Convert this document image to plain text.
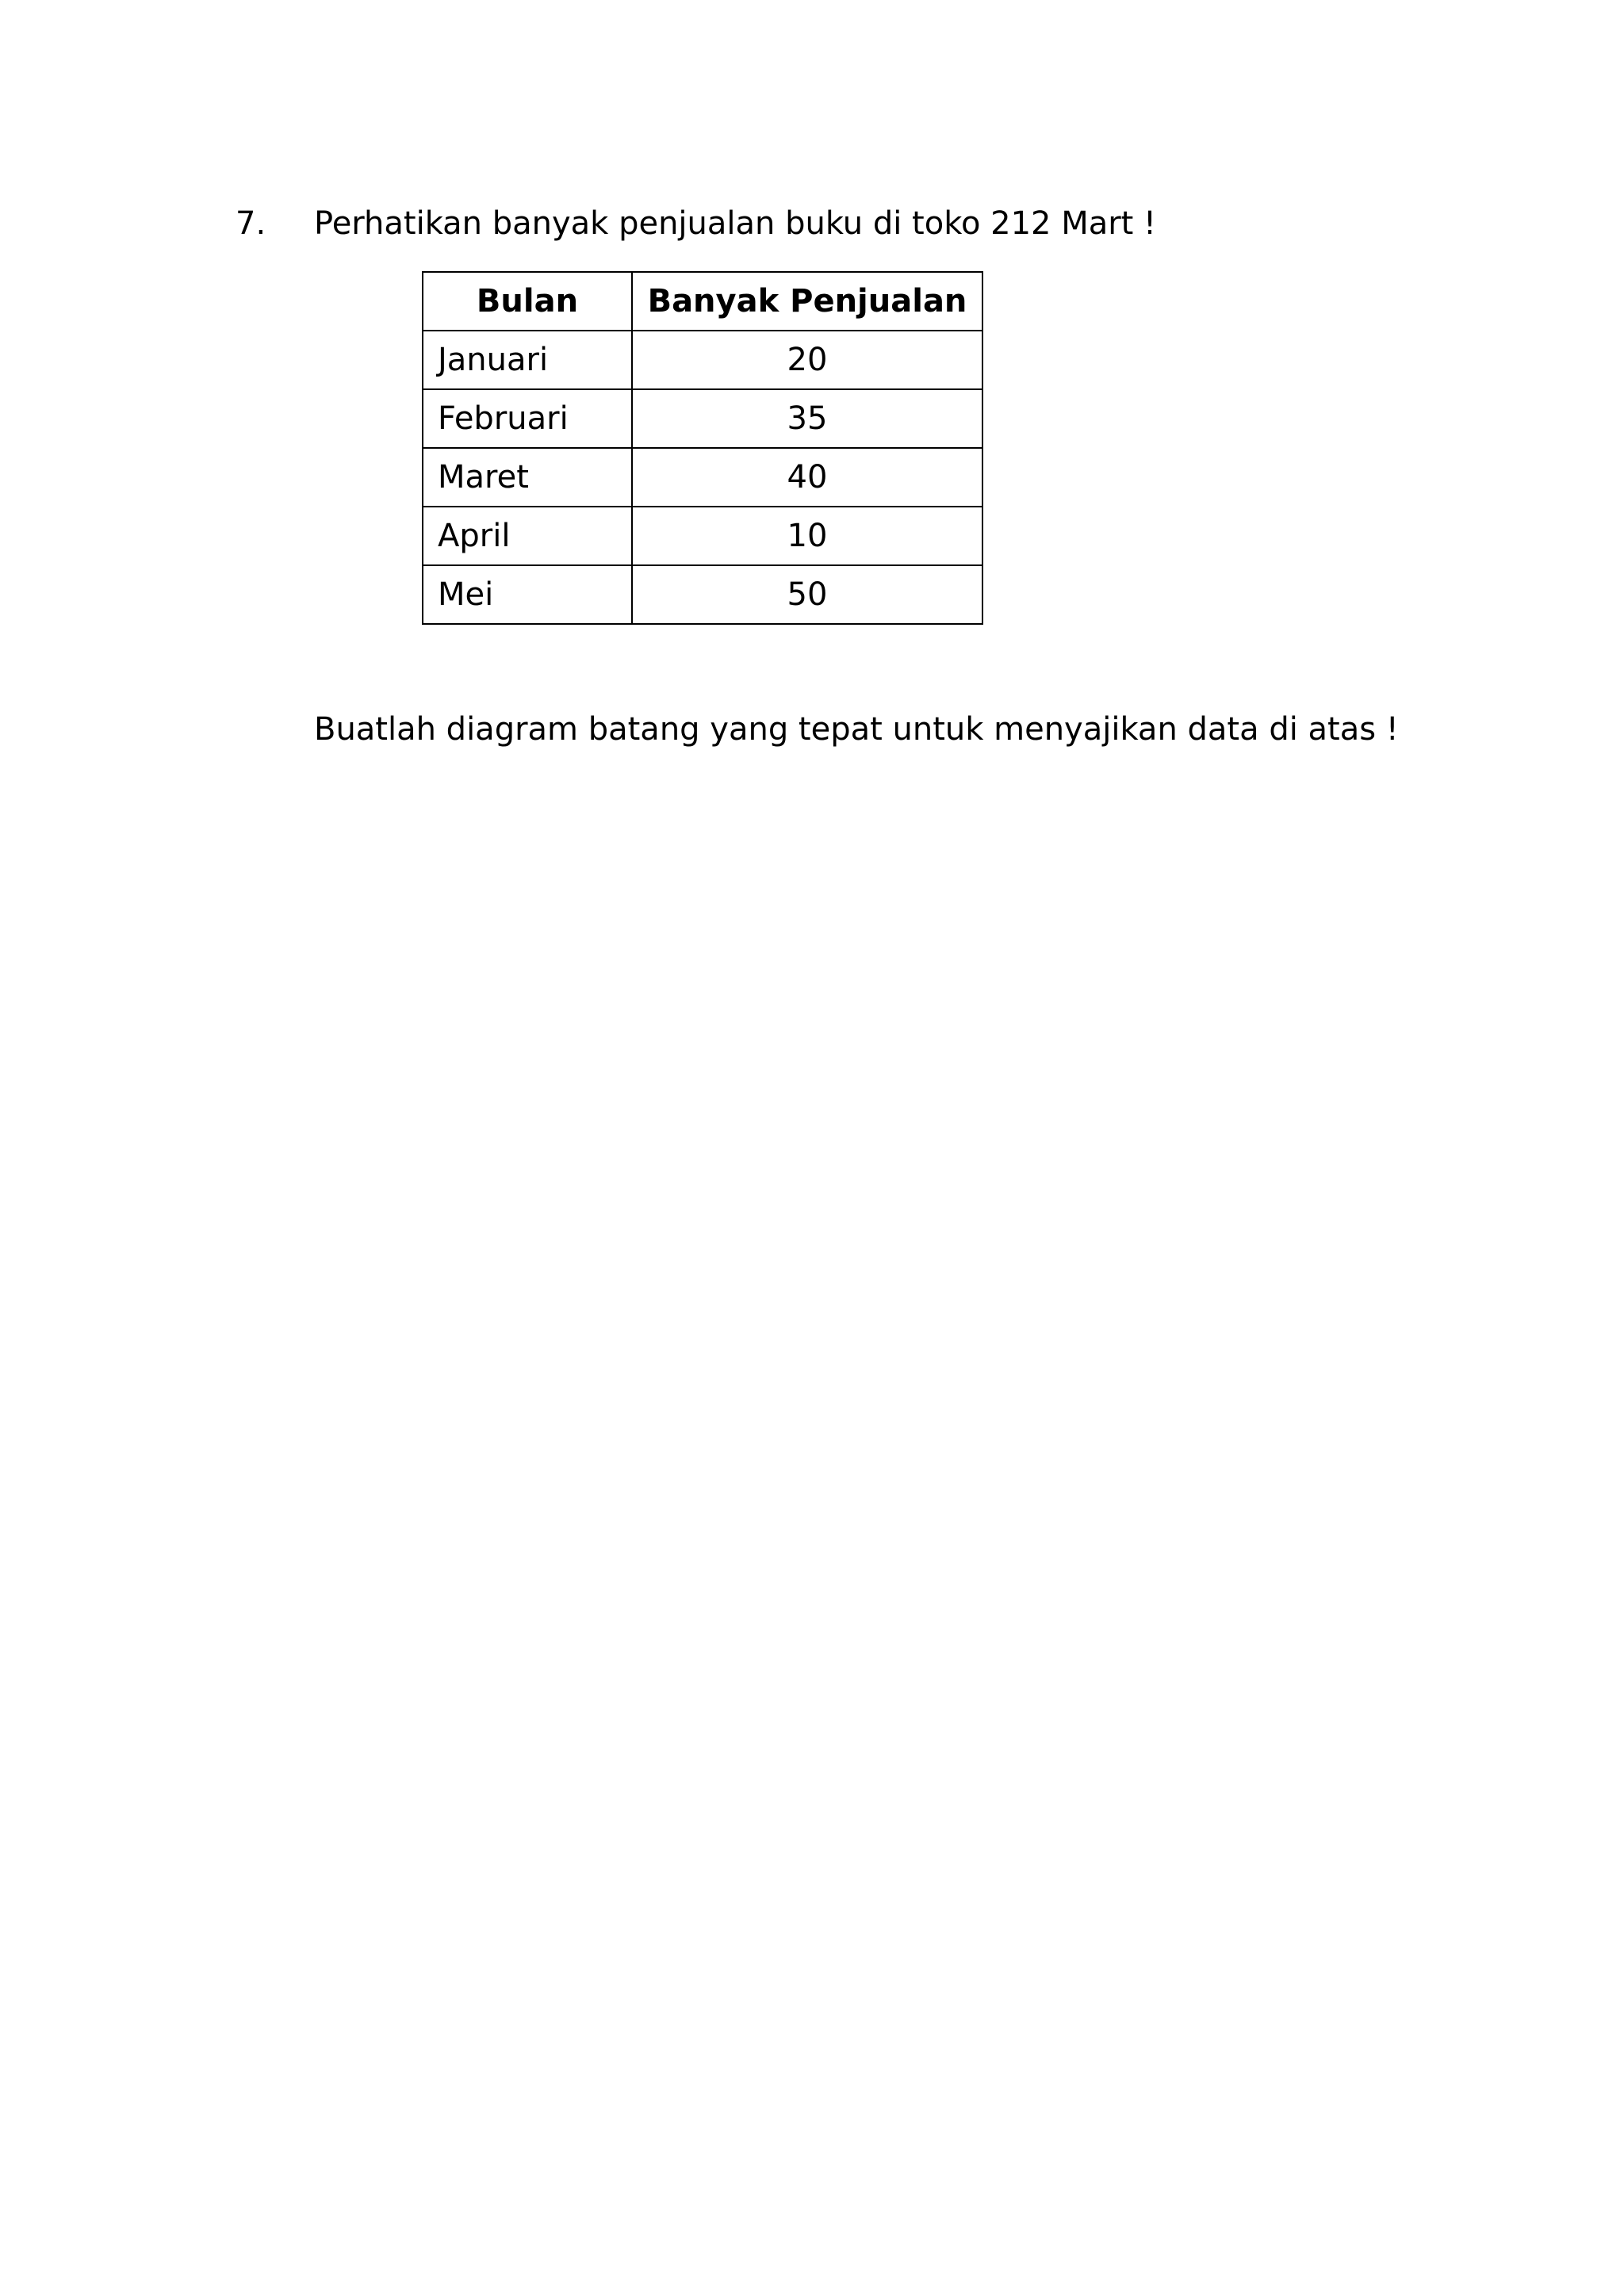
7. Perhatikan banyak penjualan buku di toko 212 Mart !
Bulan	Banyak Penjualan
Januari	20
Februari	35
Maret	40
April	10
Mei	50
Buatlah diagram batang yang tepat untuk menyajikan data di atas !
